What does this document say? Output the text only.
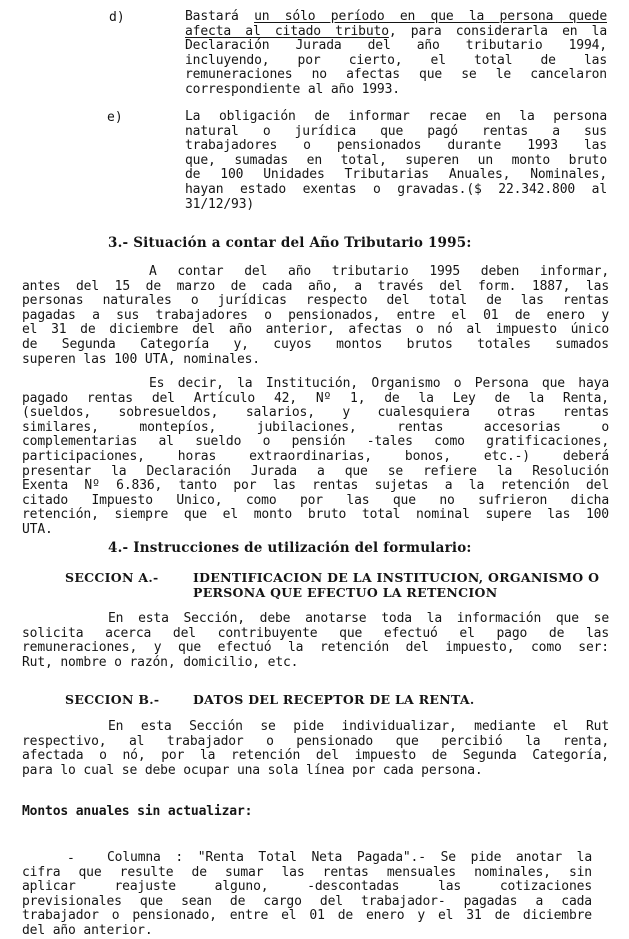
d)	Bastará un sólo período en que la persona quede
afecta al citado tributo, para considerarla en la
Declaración Jurada del año tributario 1994,
incluyendo, por cierto, el total de las
remuneraciones no afectas que se le cancelaron
correspondiente al año 1993.
e)	La obligación de informar recae en la persona
natural o jurídica que pagó rentas a sus
trabajadores o pensionados durante 1993 las
que, sumadas en total, superen un monto bruto
de 100 Unidades Tributarias Anuales, Nominales,
hayan estado exentas o gravadas.($ 22.342.800 al
31/12/93)
3.- Situación a contar del Año Tributario 1995:
A contar del año tributario 1995 deben informar,
antes del 15 de marzo de cada año, a través del form. 1887, las
personas naturales o jurídicas respecto del total de las rentas
pagadas a sus trabajadores o pensionados, entre el 01 de enero y
el 31 de diciembre del año anterior, afectas o nó al impuesto único
de Segunda Categoría y, cuyos montos brutos totales sumados
superen las 100 UTA, nominales.
Es decir, la Institución, Organismo o Persona que haya
pagado rentas del Artículo 42, Nº 1, de la Ley de la Renta,
(sueldos, sobresueldos, salarios, y cualesquiera otras rentas
similares, montepíos, jubilaciones, rentas accesorias o
complementarias al sueldo o pensión -tales como gratificaciones,
participaciones, horas extraordinarias, bonos, etc.-) deberá
presentar la Declaración Jurada a que se refiere la Resolución
Exenta Nº 6.836, tanto por las rentas sujetas a la retención del
citado Impuesto Unico, como por las que no sufrieron dicha
retención, siempre que el monto bruto total nominal supere las 100
UTA.
4.- Instrucciones de utilización del formulario:
SECCION A.-	IDENTIFICACION DE LA INSTITUCION, ORGANISMO O
PERSONA QUE EFECTUO LA RETENCION
En esta Sección, debe anotarse toda la información que se
solicita acerca del contribuyente que efectuó el pago de las
remuneraciones, y que efectuó la retención del impuesto, como ser:
Rut, nombre o razón, domicilio, etc.
SECCION B.-	DATOS DEL RECEPTOR DE LA RENTA.
En esta Sección se pide individualizar, mediante el Rut
respectivo, al trabajador o pensionado que percibió la renta,
afectada o nó, por la retención del impuesto de Segunda Categoría,
para lo cual se debe ocupar una sola línea por cada persona.
Montos anuales sin actualizar:
-	Columna : "Renta Total Neta Pagada".- Se pide anotar la
cifra que resulte de sumar las rentas mensuales nominales, sin
aplicar reajuste alguno, -descontadas las cotizaciones
previsionales que sean de cargo del trabajador- pagadas a cada
trabajador o pensionado, entre el 01 de enero y el 31 de diciembre
del año anterior.
